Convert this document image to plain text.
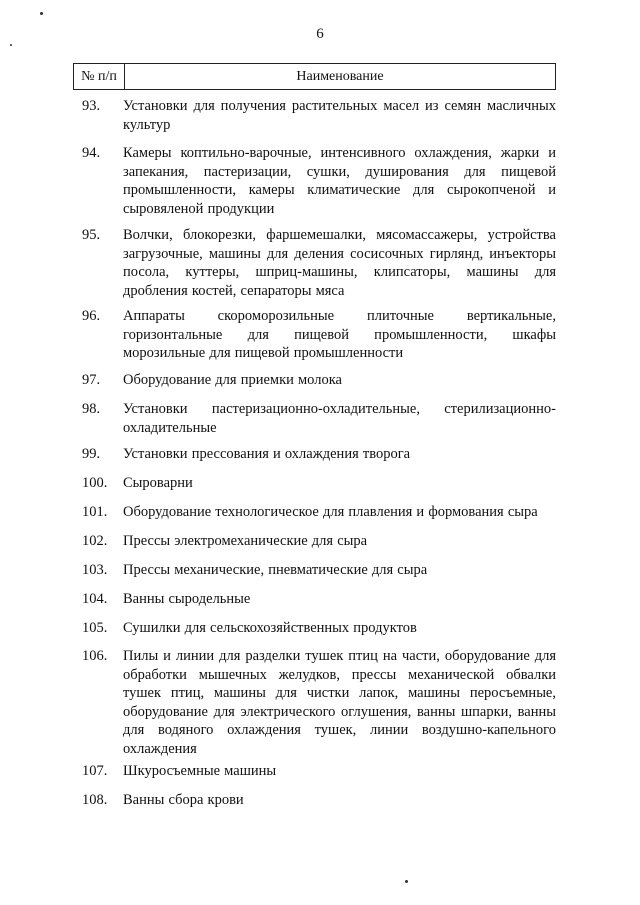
6
№ п/п	Наименование
93.	Установки для получения растительных масел из семян масличных культур
94.	Камеры коптильно-варочные, интенсивного охлаждения, жарки и запекания, пастеризации, сушки, душирования для пищевой промышленности, камеры климатические для сырокопченой и сыровяленой продукции
95.	Волчки, блокорезки, фаршемешалки, мясомассажеры, устройства загрузочные, машины для деления сосисочных гирлянд, инъекторы посола, куттеры, шприц-машины, клипсаторы, машины для дробления костей, сепараторы мяса
96.	Аппараты скороморозильные плиточные вертикальные, горизонтальные для пищевой промышленности, шкафы морозильные для пищевой промышленности
97.	Оборудование для приемки молока
98.	Установки пастеризационно-охладительные, стерилизационно-охладительные
99.	Установки прессования и охлаждения творога
100.	Сыроварни
101.	Оборудование технологическое для плавления и формования сыра
102.	Прессы электромеханические для сыра
103.	Прессы механические, пневматические для сыра
104.	Ванны сыродельные
105.	Сушилки для сельскохозяйственных продуктов
106.	Пилы и линии для разделки тушек птиц на части, оборудование для обработки мышечных желудков, прессы механической обвалки тушек птиц, машины для чистки лапок, машины перосъемные, оборудование для электрического оглушения, ванны шпарки, ванны для водяного охлаждения тушек, линии воздушно-капельного охлаждения
107.	Шкуросъемные машины
108.	Ванны сбора крови
